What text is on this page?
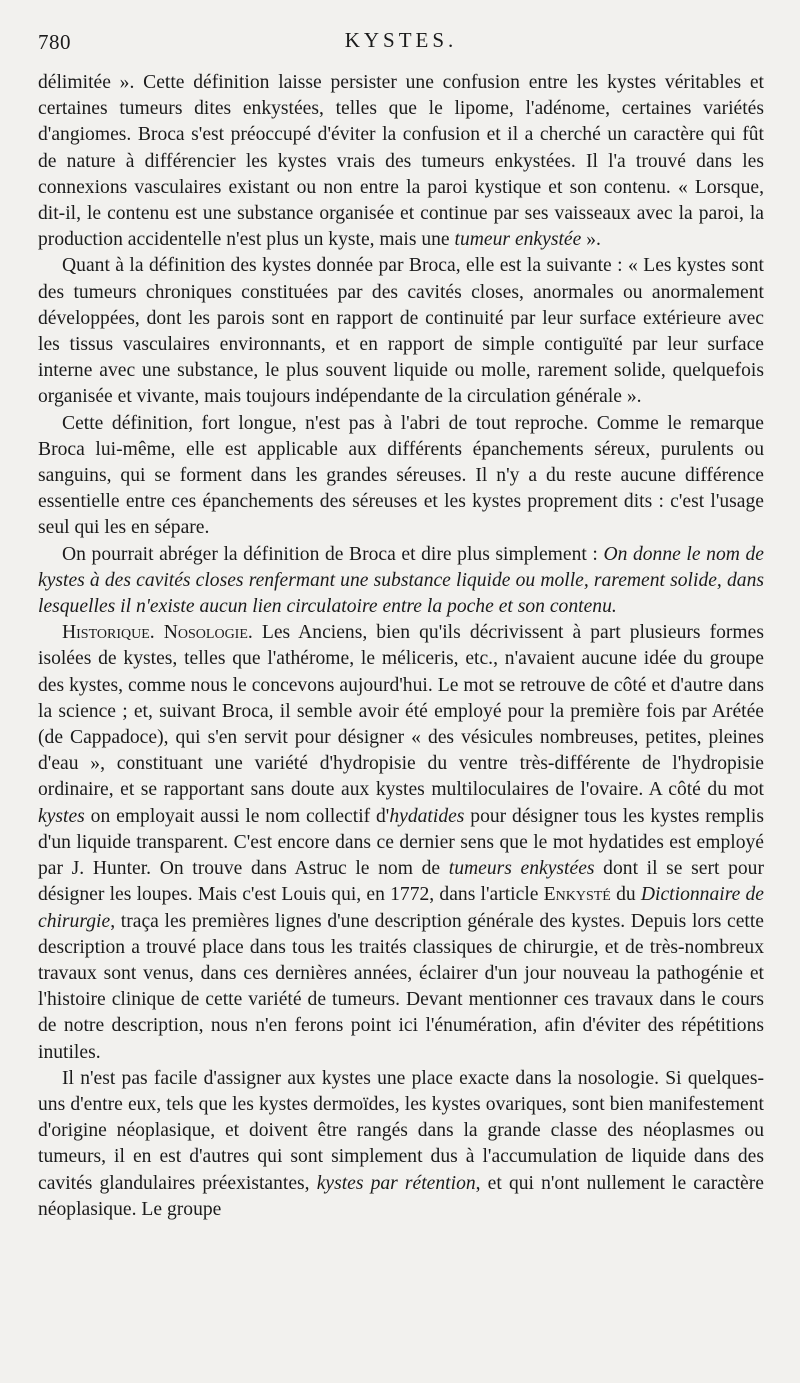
780	KYSTES.

délimitée ». Cette définition laisse persister une confusion entre les kystes véritables et certaines tumeurs dites enkystées, telles que le lipome, l'adénome, certaines variétés d'angiomes. Broca s'est préoccupé d'éviter la confusion et il a cherché un caractère qui fût de nature à différencier les kystes vrais des tumeurs enkystées. Il l'a trouvé dans les connexions vasculaires existant ou non entre la paroi kystique et son contenu. « Lorsque, dit-il, le contenu est une substance organisée et continue par ses vaisseaux avec la paroi, la production accidentelle n'est plus un kyste, mais une tumeur enkystée ».

Quant à la définition des kystes donnée par Broca, elle est la suivante : « Les kystes sont des tumeurs chroniques constituées par des cavités closes, anormales ou anormalement développées, dont les parois sont en rapport de continuité par leur surface extérieure avec les tissus vasculaires environnants, et en rapport de simple contiguïté par leur surface interne avec une substance, le plus souvent liquide ou molle, rarement solide, quelquefois organisée et vivante, mais toujours indépendante de la circulation générale ».

Cette définition, fort longue, n'est pas à l'abri de tout reproche. Comme le remarque Broca lui-même, elle est applicable aux différents épanchements séreux, purulents ou sanguins, qui se forment dans les grandes séreuses. Il n'y a du reste aucune différence essentielle entre ces épanchements des séreuses et les kystes proprement dits : c'est l'usage seul qui les en sépare.

On pourrait abréger la définition de Broca et dire plus simplement : On donne le nom de kystes à des cavités closes renfermant une substance liquide ou molle, rarement solide, dans lesquelles il n'existe aucun lien circulatoire entre la poche et son contenu.

Historique. Nosologie. Les Anciens, bien qu'ils décrivissent à part plusieurs formes isolées de kystes, telles que l'athérome, le méliceris, etc., n'avaient aucune idée du groupe des kystes, comme nous le concevons aujourd'hui. Le mot se retrouve de côté et d'autre dans la science ; et, suivant Broca, il semble avoir été employé pour la première fois par Arétée (de Cappadoce), qui s'en servit pour désigner « des vésicules nombreuses, petites, pleines d'eau », constituant une variété d'hydropisie du ventre très-différente de l'hydropisie ordinaire, et se rapportant sans doute aux kystes multiloculaires de l'ovaire. A côté du mot kystes on employait aussi le nom collectif d'hydatides pour désigner tous les kystes remplis d'un liquide transparent. C'est encore dans ce dernier sens que le mot hydatides est employé par J. Hunter. On trouve dans Astruc le nom de tumeurs enkystées dont il se sert pour désigner les loupes. Mais c'est Louis qui, en 1772, dans l'article Enkysté du Dictionnaire de chirurgie, traça les premières lignes d'une description générale des kystes. Depuis lors cette description a trouvé place dans tous les traités classiques de chirurgie, et de très-nombreux travaux sont venus, dans ces dernières années, éclairer d'un jour nouveau la pathogénie et l'histoire clinique de cette variété de tumeurs. Devant mentionner ces travaux dans le cours de notre description, nous n'en ferons point ici l'énumération, afin d'éviter des répétitions inutiles.

Il n'est pas facile d'assigner aux kystes une place exacte dans la nosologie. Si quelques-uns d'entre eux, tels que les kystes dermoïdes, les kystes ovariques, sont bien manifestement d'origine néoplasique, et doivent être rangés dans la grande classe des néoplasmes ou tumeurs, il en est d'autres qui sont simplement dus à l'accumulation de liquide dans des cavités glandulaires préexistantes, kystes par rétention, et qui n'ont nullement le caractère néoplasique. Le groupe
